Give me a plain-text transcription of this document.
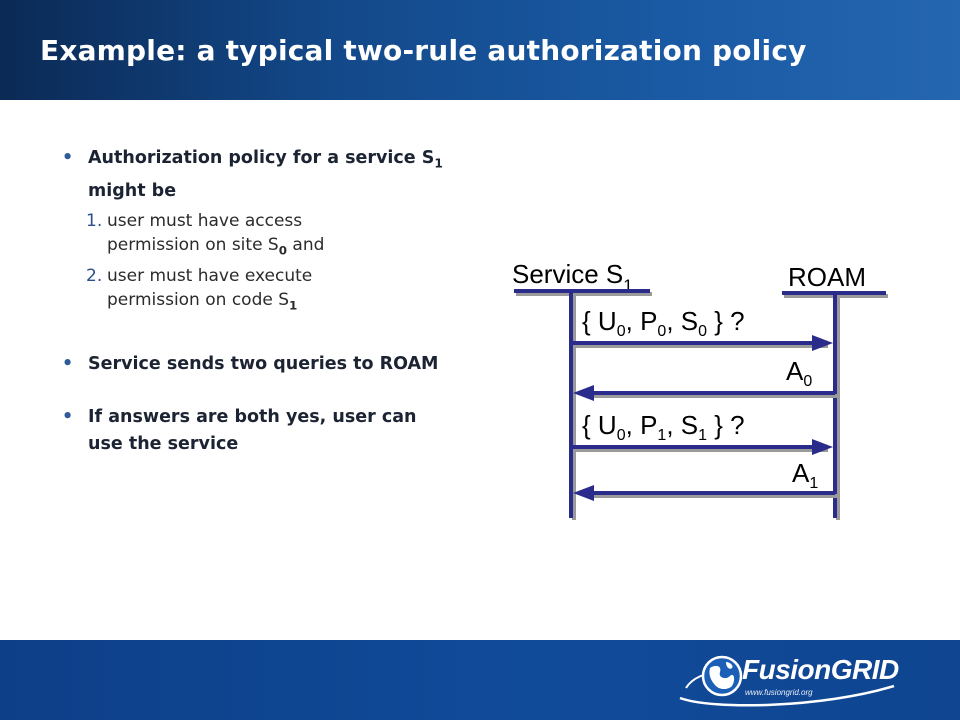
Example: a typical two-rule authorization policy
• Authorization policy for a service $S_1$
might be
1. user must have access
permission on site $S_0$ and
2. user must have execute
permission on code $S_1$
• Service sends two queries to ROAM
• If answers are both yes, user can
use the service
Service $S_1$	ROAM
{ $U_0$, $P_0$, $S_0$ } ?
$A_0$
{ $U_0$, $P_1$, $S_1$ } ?
$A_1$
FusionGRID
www.fusiongrid.org
